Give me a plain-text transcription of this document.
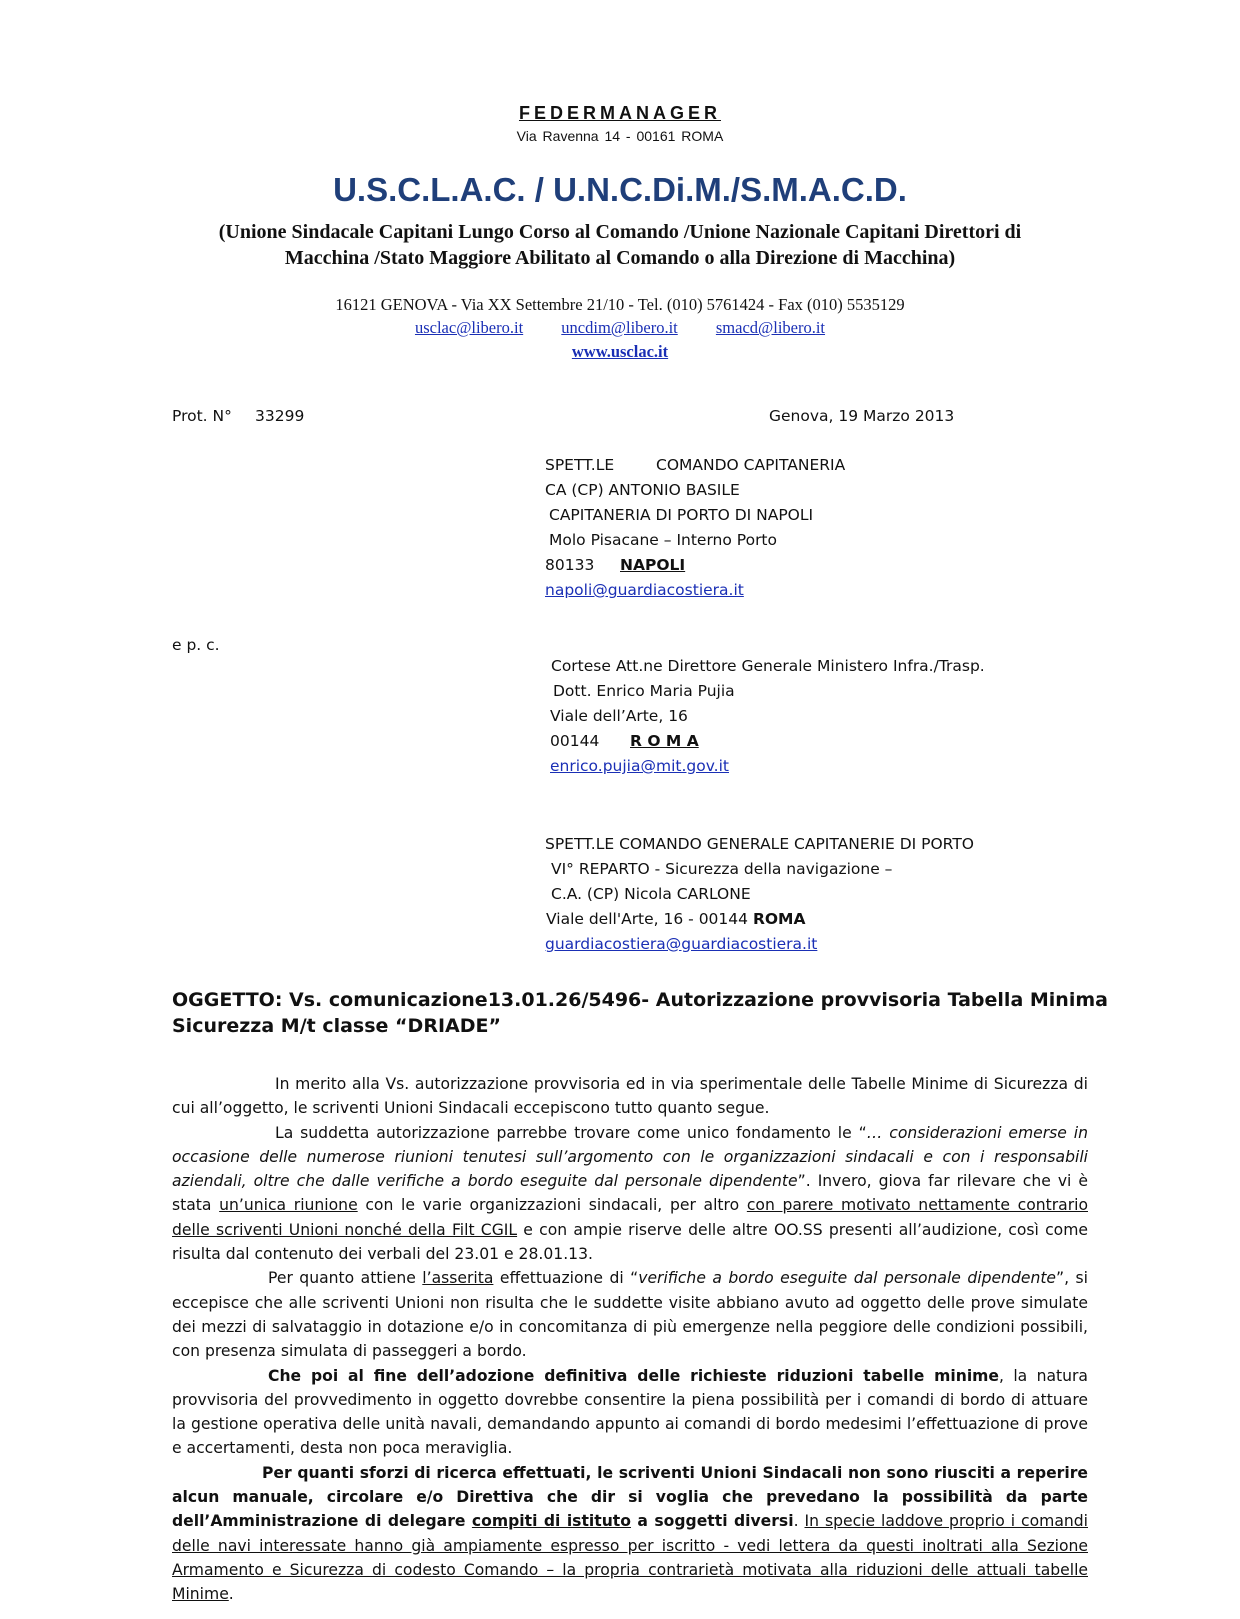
FEDERMANAGER
Via Ravenna 14 - 00161 ROMA
U.S.C.L.A.C. / U.N.C.Di.M./S.M.A.C.D.
(Unione Sindacale Capitani Lungo Corso al Comando /Unione Nazionale Capitani Direttori di
Macchina /Stato Maggiore Abilitato al Comando o alla Direzione di Macchina)
16121 GENOVA - Via XX Settembre 21/10 - Tel. (010) 5761424 - Fax (010) 5535129
usclac@libero.it uncdim@libero.it smacd@libero.it
www.usclac.it
Prot. N° 33299	Genova, 19 Marzo 2013
SPETT.LE	COMANDO CAPITANERIA
CA (CP) ANTONIO BASILE
CAPITANERIA DI PORTO DI NAPOLI
Molo Pisacane – Interno Porto
80133 NAPOLI
napoli@guardiacostiera.it
e p. c.
Cortese Att.ne Direttore Generale Ministero Infra./Trasp.
Dott. Enrico Maria Pujia
Viale dell’Arte, 16
00144 R O M A
enrico.pujia@mit.gov.it
SPETT.LE COMANDO GENERALE CAPITANERIE DI PORTO
VI° REPARTO - Sicurezza della navigazione –
C.A. (CP) Nicola CARLONE
Viale dell'Arte, 16 - 00144 ROMA
guardiacostiera@guardiacostiera.it
OGGETTO: Vs. comunicazione13.01.26/5496- Autorizzazione provvisoria Tabella Minima
Sicurezza M/t classe “DRIADE”

In merito alla Vs. autorizzazione provvisoria ed in via sperimentale delle Tabelle Minime di Sicurezza di cui all’oggetto, le scriventi Unioni Sindacali eccepiscono tutto quanto segue.

La suddetta autorizzazione parrebbe trovare come unico fondamento le “… considerazioni emerse in occasione delle numerose riunioni tenutesi sull’argomento con le organizzazioni sindacali e con i responsabili aziendali, oltre che dalle verifiche a bordo eseguite dal personale dipendente”. Invero, giova far rilevare che vi è stata un’unica riunione con le varie organizzazioni sindacali, per altro con parere motivato nettamente contrario delle scriventi Unioni nonché della Filt CGIL e con ampie riserve delle altre OO.SS presenti all’audizione, così come risulta dal contenuto dei verbali del 23.01 e 28.01.13.

Per quanto attiene l’asserita effettuazione di “verifiche a bordo eseguite dal personale dipendente”, si eccepisce che alle scriventi Unioni non risulta che le suddette visite abbiano avuto ad oggetto delle prove simulate dei mezzi di salvataggio in dotazione e/o in concomitanza di più emergenze nella peggiore delle condizioni possibili, con presenza simulata di passeggeri a bordo.

Che poi al fine dell’adozione definitiva delle richieste riduzioni tabelle minime, la natura provvisoria del provvedimento in oggetto dovrebbe consentire la piena possibilità per i comandi di bordo di attuare la gestione operativa delle unità navali, demandando appunto ai comandi di bordo medesimi l’effettuazione di prove e accertamenti, desta non poca meraviglia.

Per quanti sforzi di ricerca effettuati, le scriventi Unioni Sindacali non sono riusciti a reperire alcun manuale, circolare e/o Direttiva che dir si voglia che prevedano la possibilità da parte dell’Amministrazione di delegare compiti di istituto a soggetti diversi. In specie laddove proprio i comandi delle navi interessate hanno già ampiamente espresso per iscritto - vedi lettera da questi inoltrati alla Sezione Armamento e Sicurezza di codesto Comando – la propria contrarietà motivata alla riduzioni delle attuali tabelle Minime.
